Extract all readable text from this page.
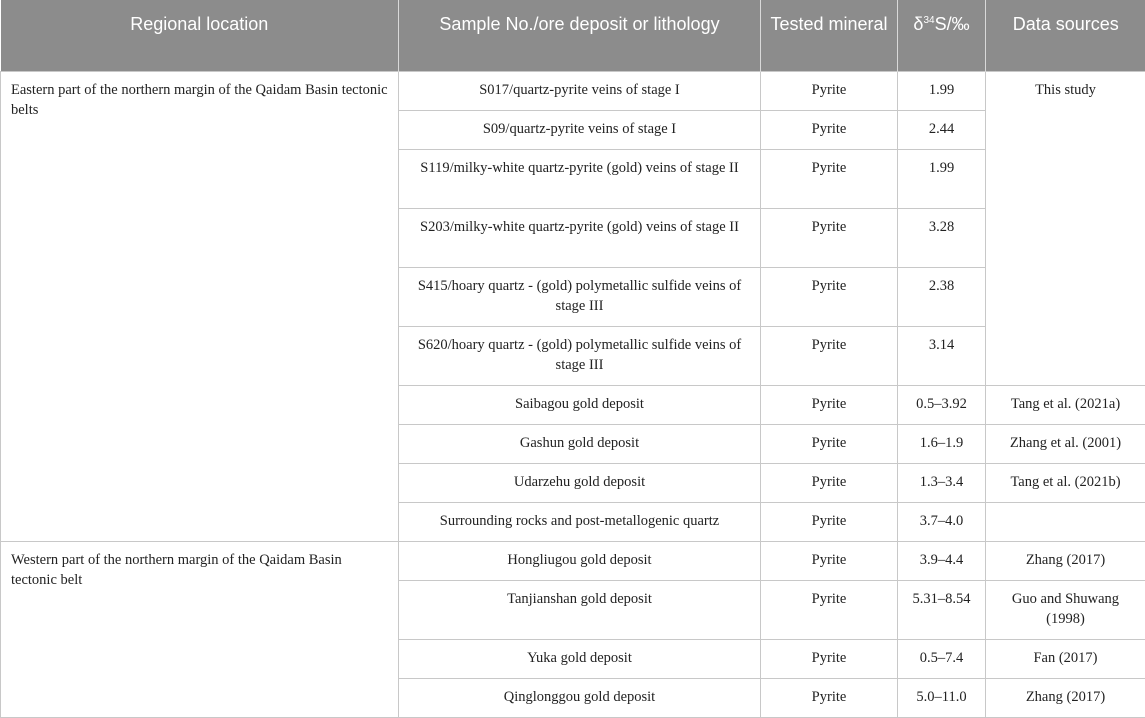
Regional location	Sample No./ore deposit or lithology	Tested mineral	$\delta^{34}S/‰$	Data sources
Eastern part of the northern margin of the Qaidam Basin tectonic belts	S017/quartz-pyrite veins of stage I	Pyrite	1.99	This study
	S09/quartz-pyrite veins of stage I	Pyrite	2.44	
	S119/milky-white quartz-pyrite (gold) veins of stage II	Pyrite	1.99	
	S203/milky-white quartz-pyrite (gold) veins of stage II	Pyrite	3.28	
	S415/hoary quartz - (gold) polymetallic sulfide veins of stage III	Pyrite	2.38	
	S620/hoary quartz - (gold) polymetallic sulfide veins of stage III	Pyrite	3.14	
	Saibagou gold deposit	Pyrite	0.5–3.92	Tang et al. (2021a)
	Gashun gold deposit	Pyrite	1.6–1.9	Zhang et al. (2001)
	Udarzehu gold deposit	Pyrite	1.3–3.4	Tang et al. (2021b)
	Surrounding rocks and post-metallogenic quartz	Pyrite	3.7–4.0	
Western part of the northern margin of the Qaidam Basin tectonic belt	Hongliugou gold deposit	Pyrite	3.9–4.4	Zhang (2017)
	Tanjianshan gold deposit	Pyrite	5.31–8.54	Guo and Shuwang (1998)
	Yuka gold deposit	Pyrite	0.5–7.4	Fan (2017)
	Qinglonggou gold deposit	Pyrite	5.0–11.0	Zhang (2017)
